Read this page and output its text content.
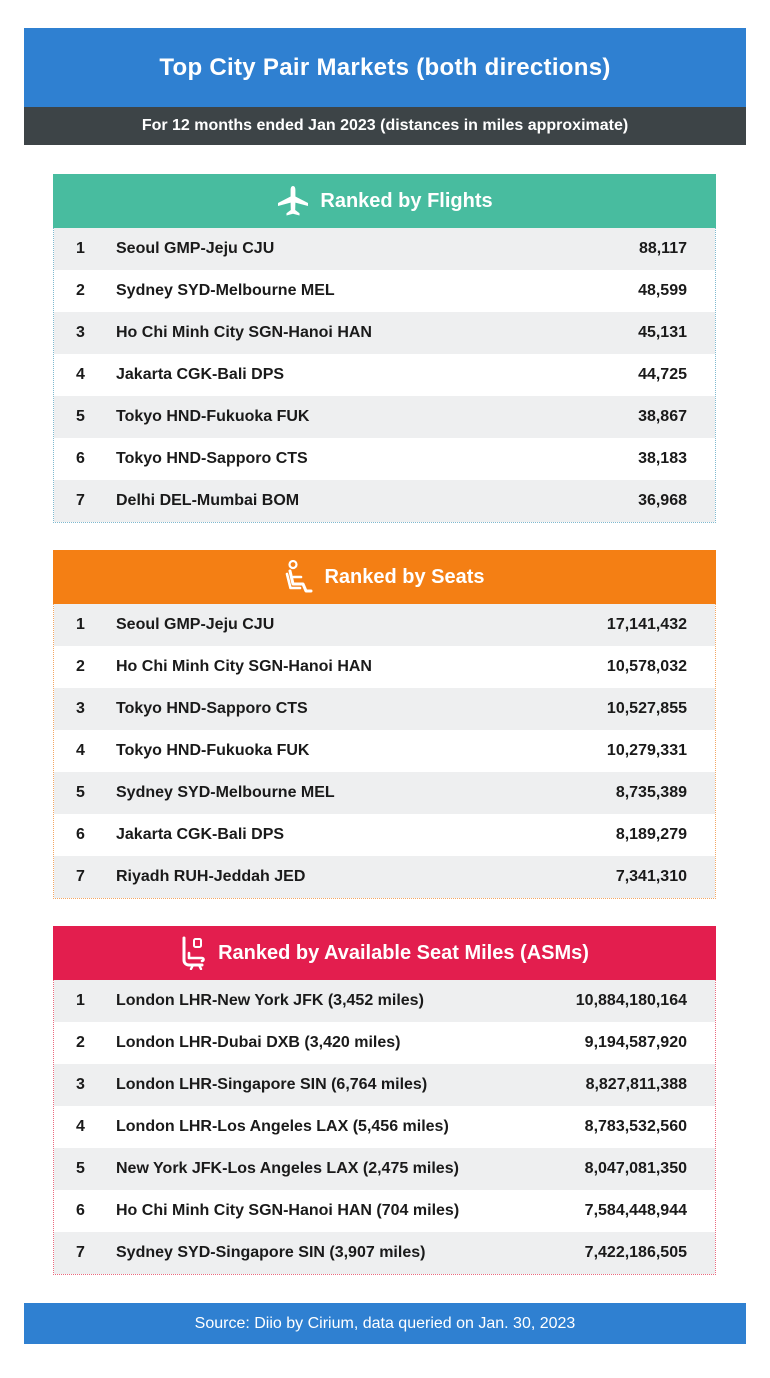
Top City Pair Markets (both directions)
For 12 months ended Jan 2023 (distances in miles approximate)
Ranked by Flights
1	Seoul GMP-Jeju CJU	88,117
2	Sydney SYD-Melbourne MEL	48,599
3	Ho Chi Minh City SGN-Hanoi HAN	45,131
4	Jakarta CGK-Bali DPS	44,725
5	Tokyo HND-Fukuoka FUK	38,867
6	Tokyo HND-Sapporo CTS	38,183
7	Delhi DEL-Mumbai BOM	36,968
Ranked by Seats
1	Seoul GMP-Jeju CJU	17,141,432
2	Ho Chi Minh City SGN-Hanoi HAN	10,578,032
3	Tokyo HND-Sapporo CTS	10,527,855
4	Tokyo HND-Fukuoka FUK	10,279,331
5	Sydney SYD-Melbourne MEL	8,735,389
6	Jakarta CGK-Bali DPS	8,189,279
7	Riyadh RUH-Jeddah JED	7,341,310
Ranked by Available Seat Miles (ASMs)
1	London LHR-New York JFK (3,452 miles)	10,884,180,164
2	London LHR-Dubai DXB (3,420 miles)	9,194,587,920
3	London LHR-Singapore SIN (6,764 miles)	8,827,811,388
4	London LHR-Los Angeles LAX (5,456 miles)	8,783,532,560
5	New York JFK-Los Angeles LAX (2,475 miles)	8,047,081,350
6	Ho Chi Minh City SGN-Hanoi HAN (704 miles)	7,584,448,944
7	Sydney SYD-Singapore SIN (3,907 miles)	7,422,186,505
Source: Diio by Cirium, data queried on Jan. 30, 2023
